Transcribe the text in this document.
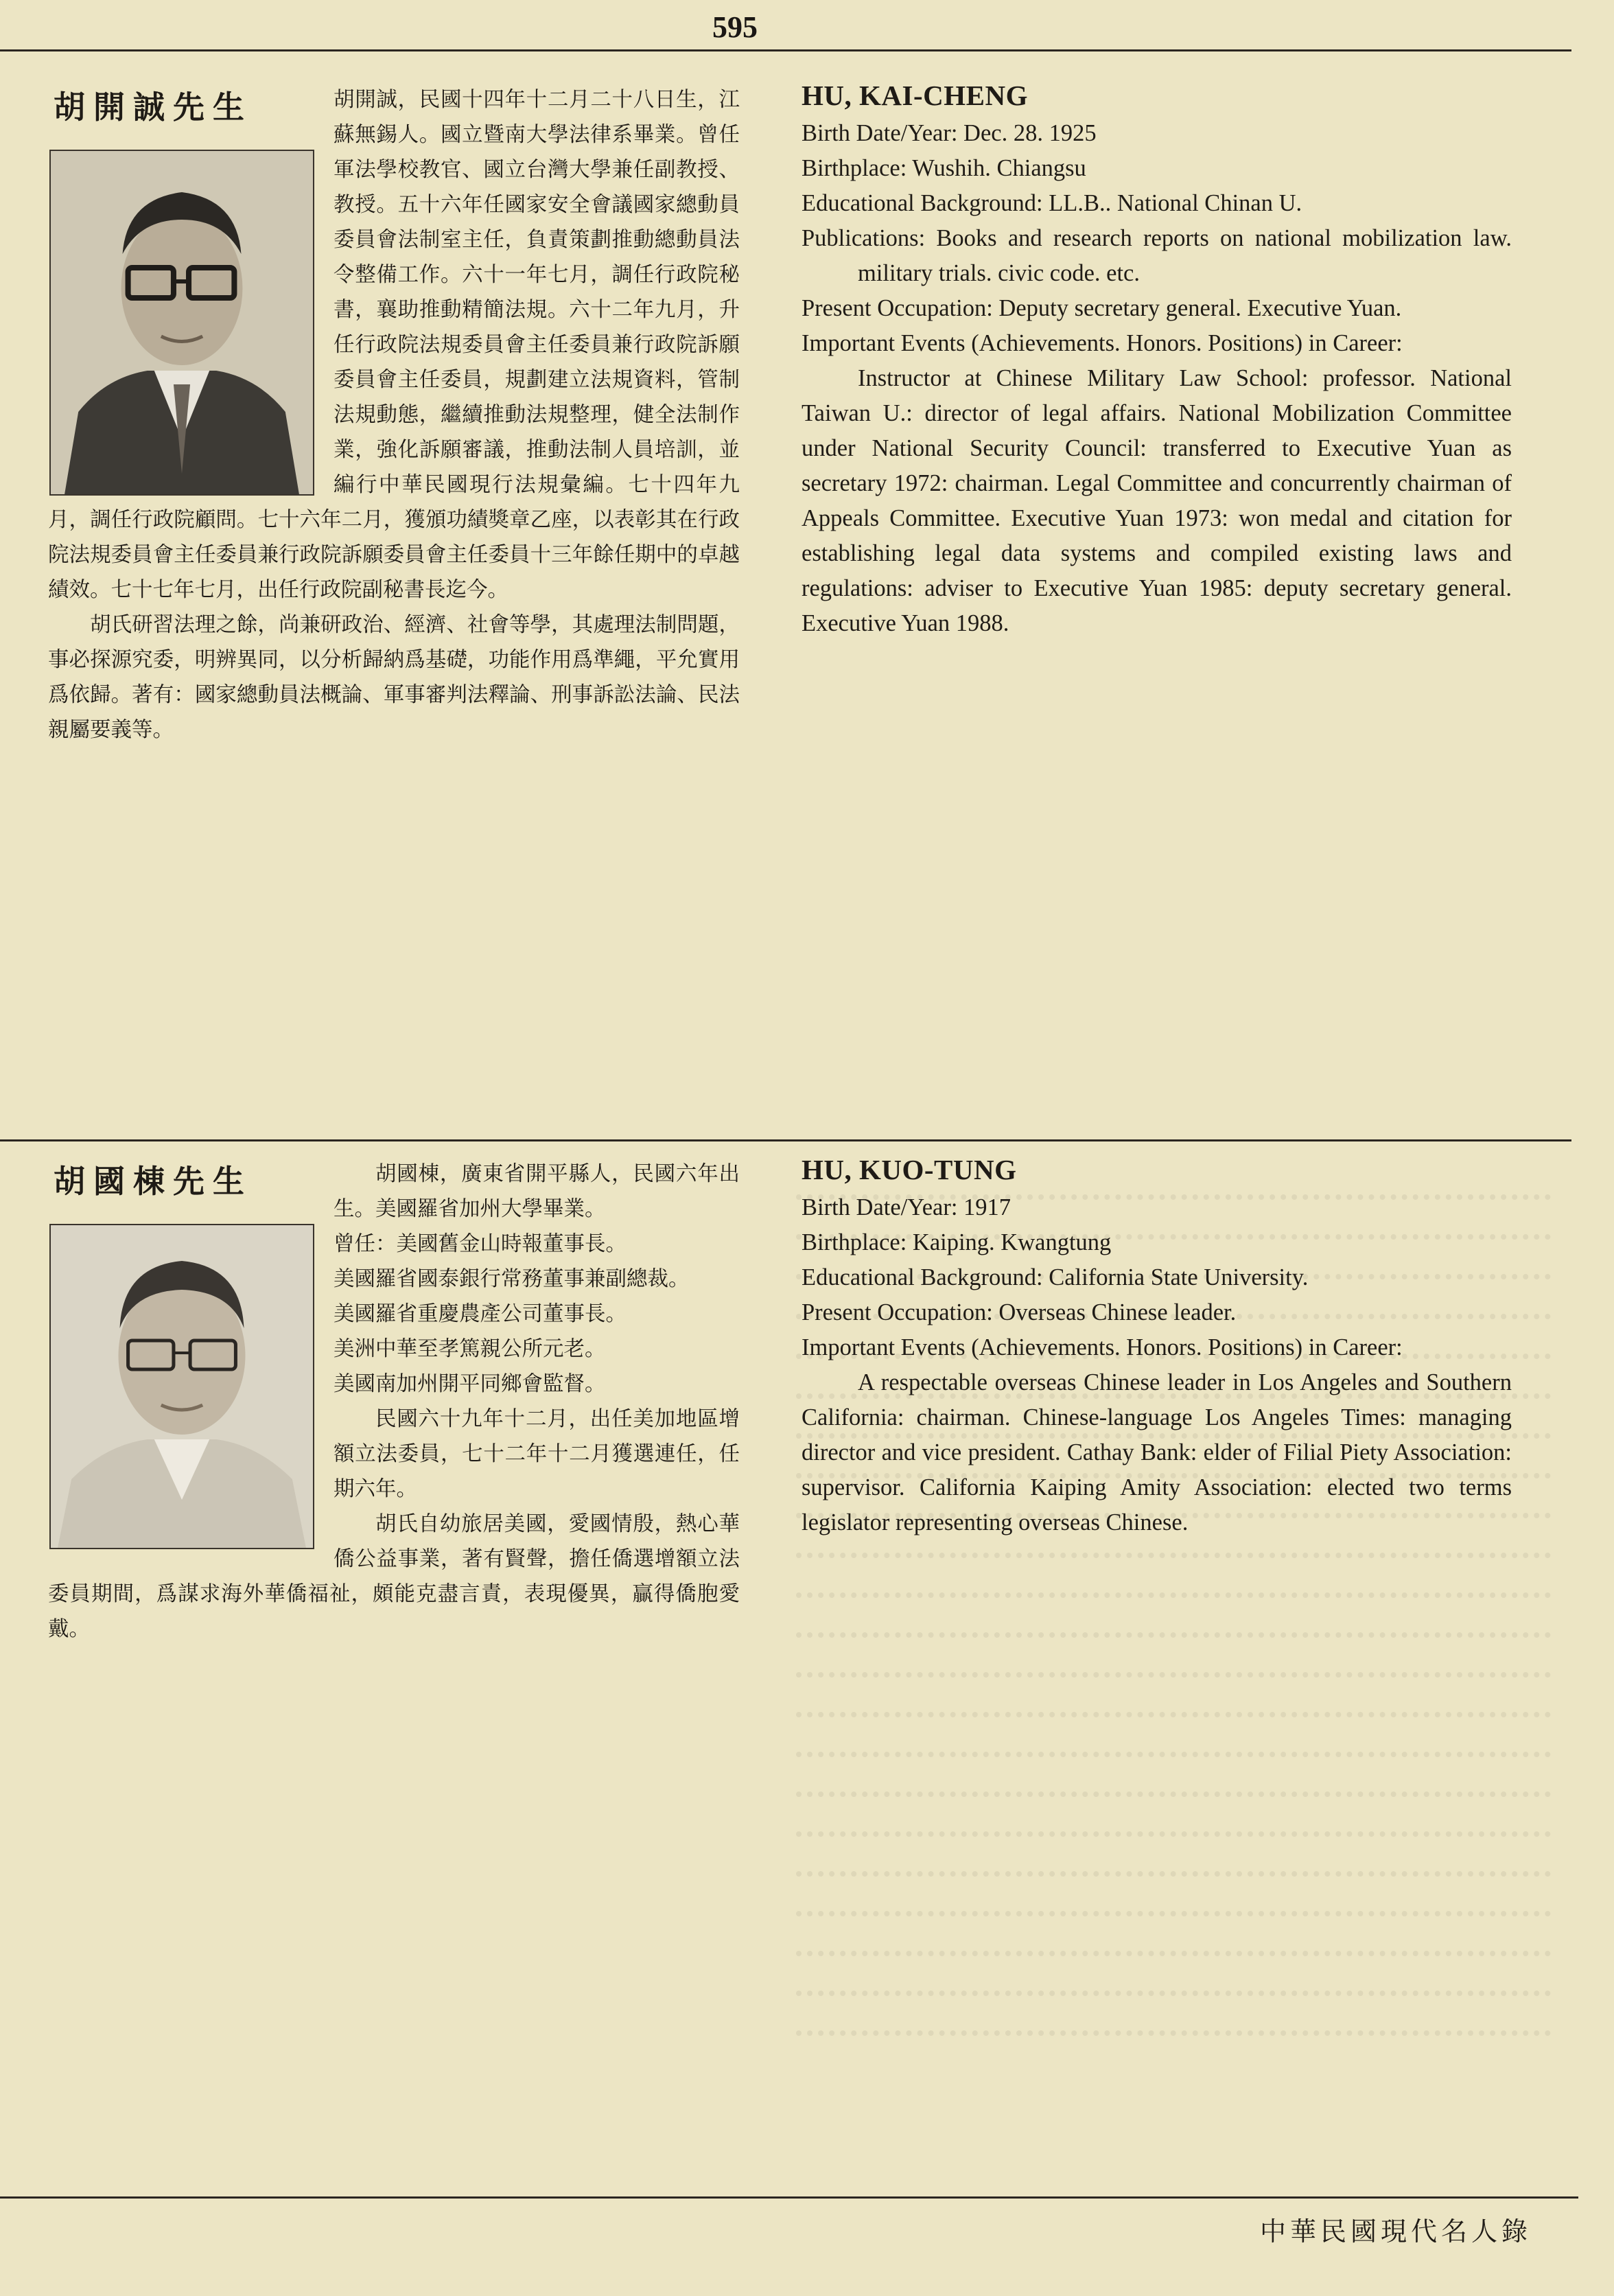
595

胡開誠，民國十四年十二月二十八日生，江蘇無錫人。國立暨南大學法律系畢業。曾任軍法學校教官、國立台灣大學兼任副教授、教授。五十六年任國家安全會議國家總動員委員會法制室主任，負責策劃推動總動員法令整備工作。六十一年七月，調任行政院秘書，襄助推動精簡法規。六十二年九月，升任行政院法規委員會主任委員兼行政院訴願委員會主任委員，規劃建立法規資料，管制法規動態，繼續推動法規整理，健全法制作業，強化訴願審議，推動法制人員培訓，並編行中華民國現行法規彙編。七十四年九月，調任行政院顧問。七十六年二月，獲頒功績獎章乙座，以表彰其在行政院法規委員會主任委員兼行政院訴願委員會主任委員十三年餘任期中的卓越績效。七十七年七月，出任行政院副秘書長迄今。

胡氏研習法理之餘，尚兼研政治、經濟、社會等學，其處理法制問題，事必探源究委，明辨異同，以分析歸納爲基礎，功能作用爲準繩，平允實用爲依歸。著有：國家總動員法概論、軍事審判法釋論、刑事訴訟法論、民法親屬要義等。

胡開誠先生	HU, KAI-CHENG

Birth Date/Year: Dec. 28. 1925

Birthplace: Wushih. Chiangsu

Educational Background: LL.B.. National Chinan U.

Publications: Books and research reports on national mobilization law. military trials. civic code. etc.

Present Occupation: Deputy secretary general. Executive Yuan.

Important Events (Achievements. Honors. Positions) in Career:

Instructor at Chinese Military Law School: professor. National Taiwan U.: director of legal affairs. National Mobilization Committee under National Security Council: transferred to Executive Yuan as secretary 1972: chairman. Legal Committee and concurrently chairman of Appeals Committee. Executive Yuan 1973: won medal and citation for establishing legal data systems and compiled existing laws and regulations: adviser to Executive Yuan 1985: deputy secretary general. Executive Yuan 1988.

胡國棟，廣東省開平縣人，民國六年出生。美國羅省加州大學畢業。

曾任：美國舊金山時報董事長。

美國羅省國泰銀行常務董事兼副總裁。

美國羅省重慶農產公司董事長。

美洲中華至孝篤親公所元老。

美國南加州開平同鄉會監督。

民國六十九年十二月，出任美加地區增額立法委員，七十二年十二月獲選連任，任期六年。

胡氏自幼旅居美國，愛國情殷，熱心華僑公益事業，著有賢聲，擔任僑選增額立法委員期間，爲謀求海外華僑福祉，頗能克盡言責，表現優異，贏得僑胞愛戴。

胡國棟先生	HU, KUO-TUNG

Birth Date/Year: 1917

Birthplace: Kaiping. Kwangtung

Educational Background: California State University.

Present Occupation: Overseas Chinese leader.

Important Events (Achievements. Honors. Positions) in Career:

A respectable overseas Chinese leader in Los Angeles and Southern California: chairman. Chinese-language Los Angeles Times: managing director and vice president. Cathay Bank: elder of Filial Piety Association: supervisor. California Kaiping Amity Association: elected two terms legislator representing overseas Chinese.

中華民國現代名人錄
